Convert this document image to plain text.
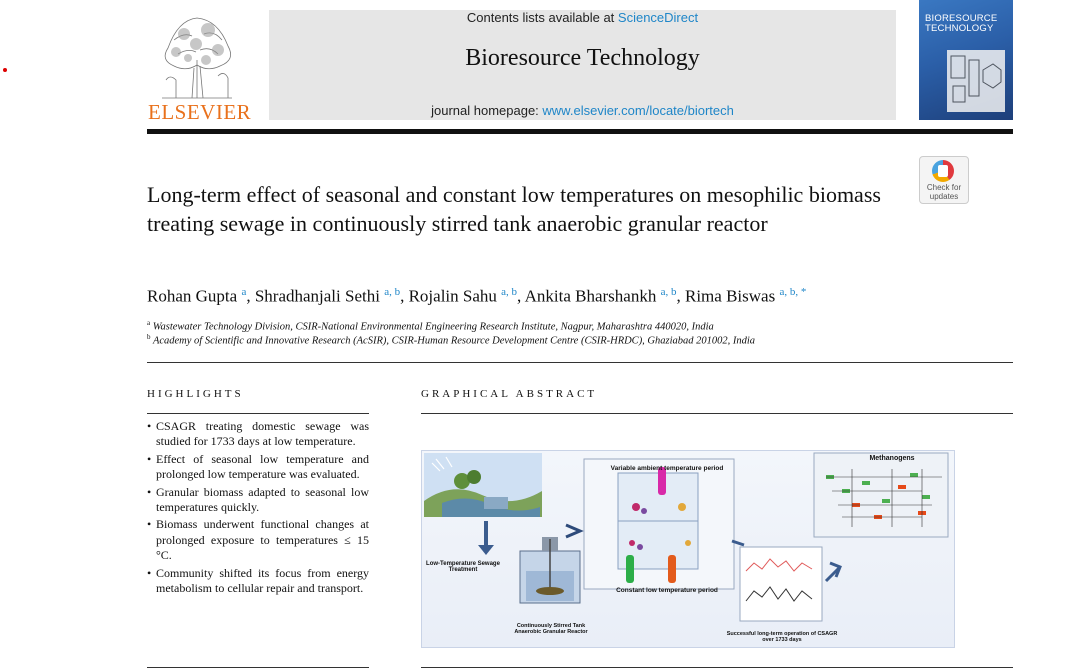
ELSEVIER
Contents lists available at ScienceDirect
Bioresource Technology
journal homepage: www.elsevier.com/locate/biortech
BIORESOURCE TECHNOLOGY
Long-term effect of seasonal and constant low temperatures on mesophilic biomass treating sewage in continuously stirred tank anaerobic granular reactor
Check for
updates
Rohan Gupta $^a$, Shradhanjali Sethi $^{a, b}$, Rojalin Sahu $^{a, b}$, Ankita Bharshankh $^{a, b}$, Rima Biswas $^{a, b, *}$
$^a$ Wastewater Technology Division, CSIR-National Environmental Engineering Research Institute, Nagpur, Maharashtra 440020, India
$^b$ Academy of Scientific and Innovative Research (AcSIR), CSIR-Human Resource Development Centre (CSIR-HRDC), Ghaziabad 201002, India
HIGHLIGHTS	GRAPHICAL ABSTRACT
• CSAGR treating domestic sewage was studied for 1733 days at low temperature.
• Effect of seasonal low temperature and prolonged low temperature was evaluated.
• Granular biomass adapted to seasonal low temperatures quickly.
• Biomass underwent functional changes at prolonged exposure to temperatures ≤ 15 °C.
• Community shifted its focus from energy metabolism to cellular repair and transport.
Variable ambient temperature period
Constant low temperature period
Methanogens
Low-Temperature Sewage Treatment
Continuously Stirred Tank Anaerobic Granular Reactor	Successful long-term operation of CSAGR over 1733 days
